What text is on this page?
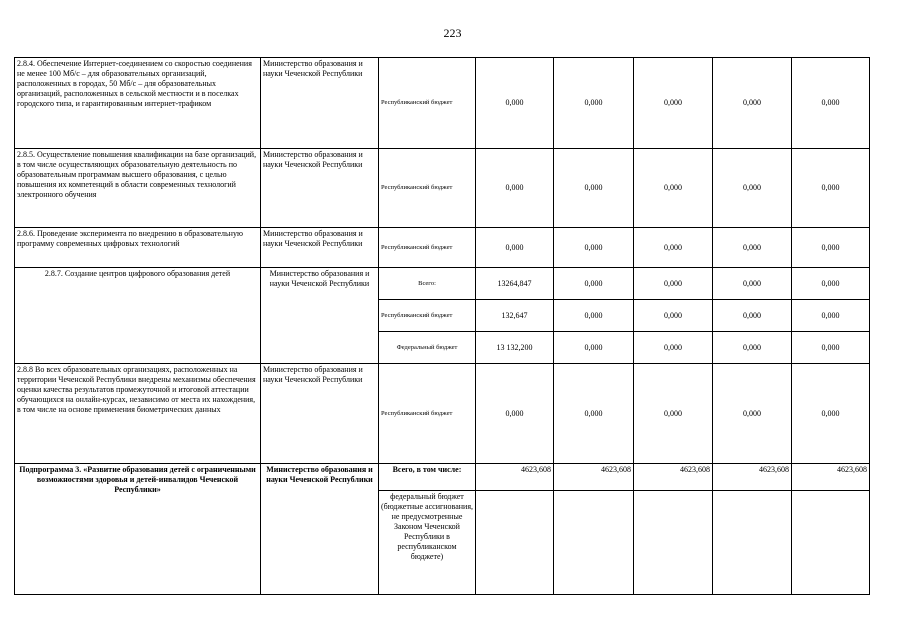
223
2.8.4. Обеспечение Интернет-соединением со скоростью соединения не менее 100 Мб/с – для образовательных организаций, расположенных в городах, 50 Мб/с – для образовательных организаций, расположенных в сельской местности и в поселках городского типа, и гарантированным интернет-трафиком	Министерство образования и науки Чеченской Республики	Республиканский бюджет	0,000	0,000	0,000	0,000	0,000
2.8.5. Осуществление повышения квалификации на базе организаций, в том числе осуществляющих образовательную деятельность по образовательным программам высшего образования, с целью повышения их компетенций в области современных технологий электронного обучения	Министерство образования и науки Чеченской Республики	Республиканский бюджет	0,000	0,000	0,000	0,000	0,000
2.8.6. Проведение эксперимента по внедрению в образовательную программу современных цифровых технологий	Министерство образования и науки Чеченской Республики	Республиканский бюджет	0,000	0,000	0,000	0,000	0,000
2.8.7. Создание центров цифрового образования детей	Министерство образования и науки Чеченской Республики	Всего:	13264,847	0,000	0,000	0,000	0,000
		Республиканский бюджет	132,647	0,000	0,000	0,000	0,000
		Федеральный бюджет	13 132,200	0,000	0,000	0,000	0,000
2.8.8 Во всех образовательных организациях, расположенных на территории Чеченской Республики внедрены механизмы обеспечения оценки качества результатов промежуточной и итоговой аттестации обучающихся на онлайн-курсах, независимо от места их нахождения, в том числе на основе применения биометрических данных	Министерство образования и науки Чеченской Республики	Республиканский бюджет	0,000	0,000	0,000	0,000	0,000
Подпрограмма 3. «Развитие образования детей с ограниченными возможностями здоровья и детей-инвалидов Чеченской Республики»	Министерство образования и науки Чеченской Республики	Всего, в том числе:	4623,608	4623,608	4623,608	4623,608	4623,608
		федеральный бюджет (бюджетные ассигнования, не предусмотренные Законом Чеченской Республики в республиканском бюджете)					
